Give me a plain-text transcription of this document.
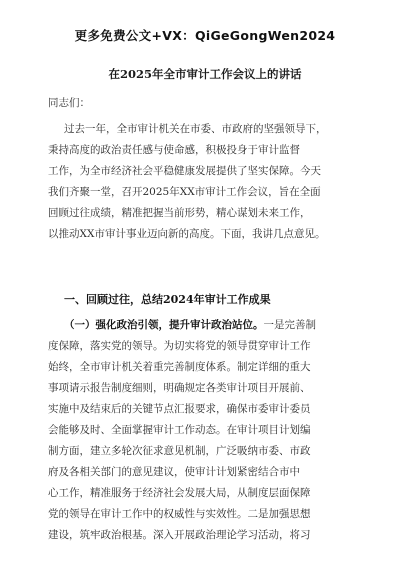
更多免费公文+VX：QiGeGongWen2024
在2025年全市审计工作会议上的讲话
同志们：
过去一年，全市审计机关在市委、市政府的坚强领导下，
秉持高度的政治责任感与使命感，积极投身于审计监督
工作，为全市经济社会平稳健康发展提供了坚实保障。今天
我们齐聚一堂，召开2025年XX市审计工作会议，旨在全面
回顾过往成绩，精准把握当前形势，精心谋划未来工作，
以推动XX市审计事业迈向新的高度。下面，我讲几点意见。
一、回顾过往，总结2024年审计工作成果
（一）强化政治引领，提升审计政治站位。一是完善制
度保障，落实党的领导。为切实将党的领导贯穿审计工作
始终，全市审计机关着重完善制度体系。制定详细的重大
事项请示报告制度细则，明确规定各类审计项目开展前、
实施中及结束后的关键节点汇报要求，确保市委审计委员
会能够及时、全面掌握审计工作动态。在审计项目计划编
制方面，建立多轮次征求意见机制，广泛吸纳市委、市政
府及各相关部门的意见建议，使审计计划紧密结合市中
心工作，精准服务于经济社会发展大局，从制度层面保障
党的领导在审计工作中的权威性与实效性。二是加强思想
建设，筑牢政治根基。深入开展政治理论学习活动，将习
